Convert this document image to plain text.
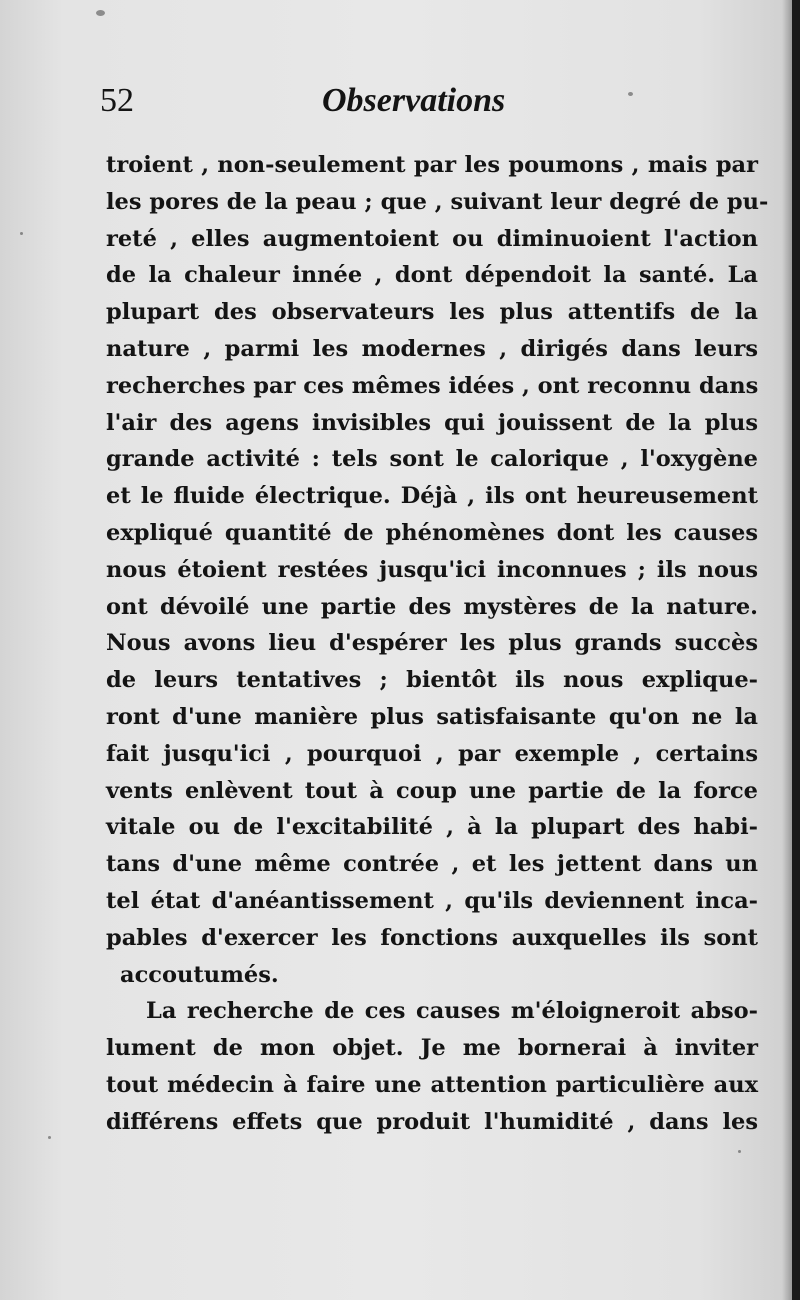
52	Observations
troient , non-seulement par les poumons , mais par
les pores de la peau ; que , suivant leur degré de pu-
reté , elles augmentoient ou diminuoient l'action
de la chaleur innée , dont dépendoit la santé. La
plupart des observateurs les plus attentifs de la
nature , parmi les modernes , dirigés dans leurs
recherches par ces mêmes idées , ont reconnu dans
l'air des agens invisibles qui jouissent de la plus
grande activité : tels sont le calorique , l'oxygène
et le fluide électrique. Déjà , ils ont heureusement
expliqué quantité de phénomènes dont les causes
nous étoient restées jusqu'ici inconnues ; ils nous
ont dévoilé une partie des mystères de la nature.
Nous avons lieu d'espérer les plus grands succès
de leurs tentatives ; bientôt ils nous explique-
ront d'une manière plus satisfaisante qu'on ne la
fait jusqu'ici , pourquoi , par exemple , certains
vents enlèvent tout à coup une partie de la force
vitale ou de l'excitabilité , à la plupart des habi-
tans d'une même contrée , et les jettent dans un
tel état d'anéantissement , qu'ils deviennent inca-
pables d'exercer les fonctions auxquelles ils sont
accoutumés.
La recherche de ces causes m'éloigneroit abso-
lument de mon objet. Je me bornerai à inviter
tout médecin à faire une attention particulière aux
différens effets que produit l'humidité , dans les
